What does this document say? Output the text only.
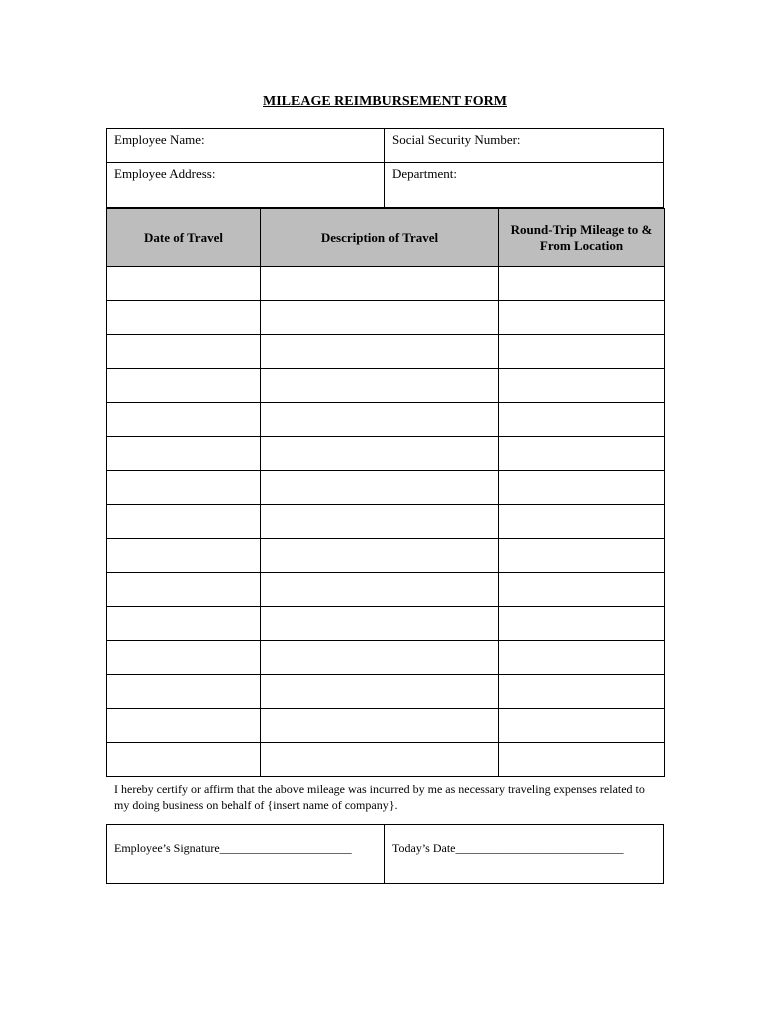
MILEAGE REIMBURSEMENT FORM
Employee Name:	Social Security Number:
Employee Address:	Department:
Date of Travel	Description of Travel	Round-Trip Mileage to & From Location

I hereby certify or affirm that the above mileage was incurred by me as necessary traveling expenses related to my doing business on behalf of {insert name of company}.
Employee’s Signature______________________	Today’s Date____________________________
